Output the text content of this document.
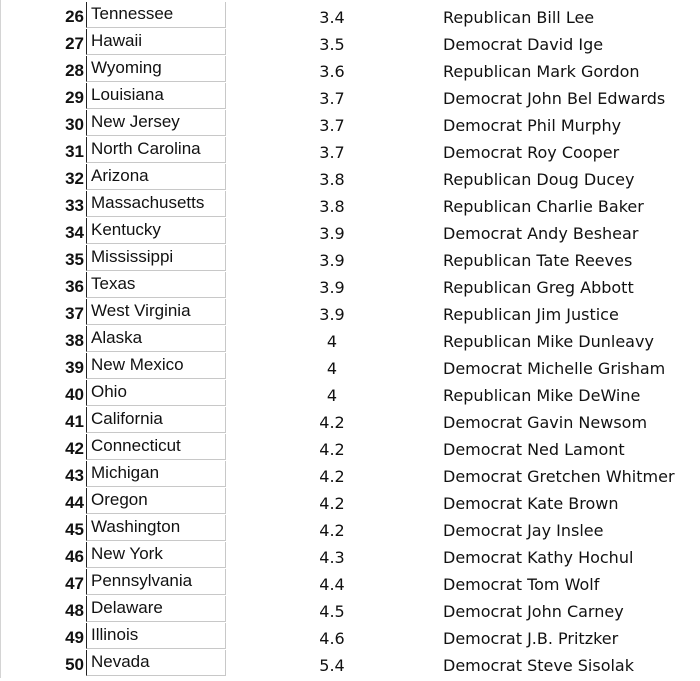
26 Tennessee	3.4	Republican Bill Lee
27 Hawaii	3.5	Democrat David Ige
28 Wyoming	3.6	Republican Mark Gordon
29 Louisiana	3.7	Democrat John Bel Edwards
30 New Jersey	3.7	Democrat Phil Murphy
31 North Carolina	3.7	Democrat Roy Cooper
32 Arizona	3.8	Republican Doug Ducey
33 Massachusetts	3.8	Republican Charlie Baker
34 Kentucky	3.9	Democrat Andy Beshear
35 Mississippi	3.9	Republican Tate Reeves
36 Texas	3.9	Republican Greg Abbott
37 West Virginia	3.9	Republican Jim Justice
38 Alaska	4	Republican Mike Dunleavy
39 New Mexico	4	Democrat Michelle Grisham
40 Ohio	4	Republican Mike DeWine
41 California	4.2	Democrat Gavin Newsom
42 Connecticut	4.2	Democrat Ned Lamont
43 Michigan	4.2	Democrat Gretchen Whitmer
44 Oregon	4.2	Democrat Kate Brown
45 Washington	4.2	Democrat Jay Inslee
46 New York	4.3	Democrat Kathy Hochul
47 Pennsylvania	4.4	Democrat Tom Wolf
48 Delaware	4.5	Democrat John Carney
49 Illinois	4.6	Democrat J.B. Pritzker
50 Nevada	5.4	Democrat Steve Sisolak
